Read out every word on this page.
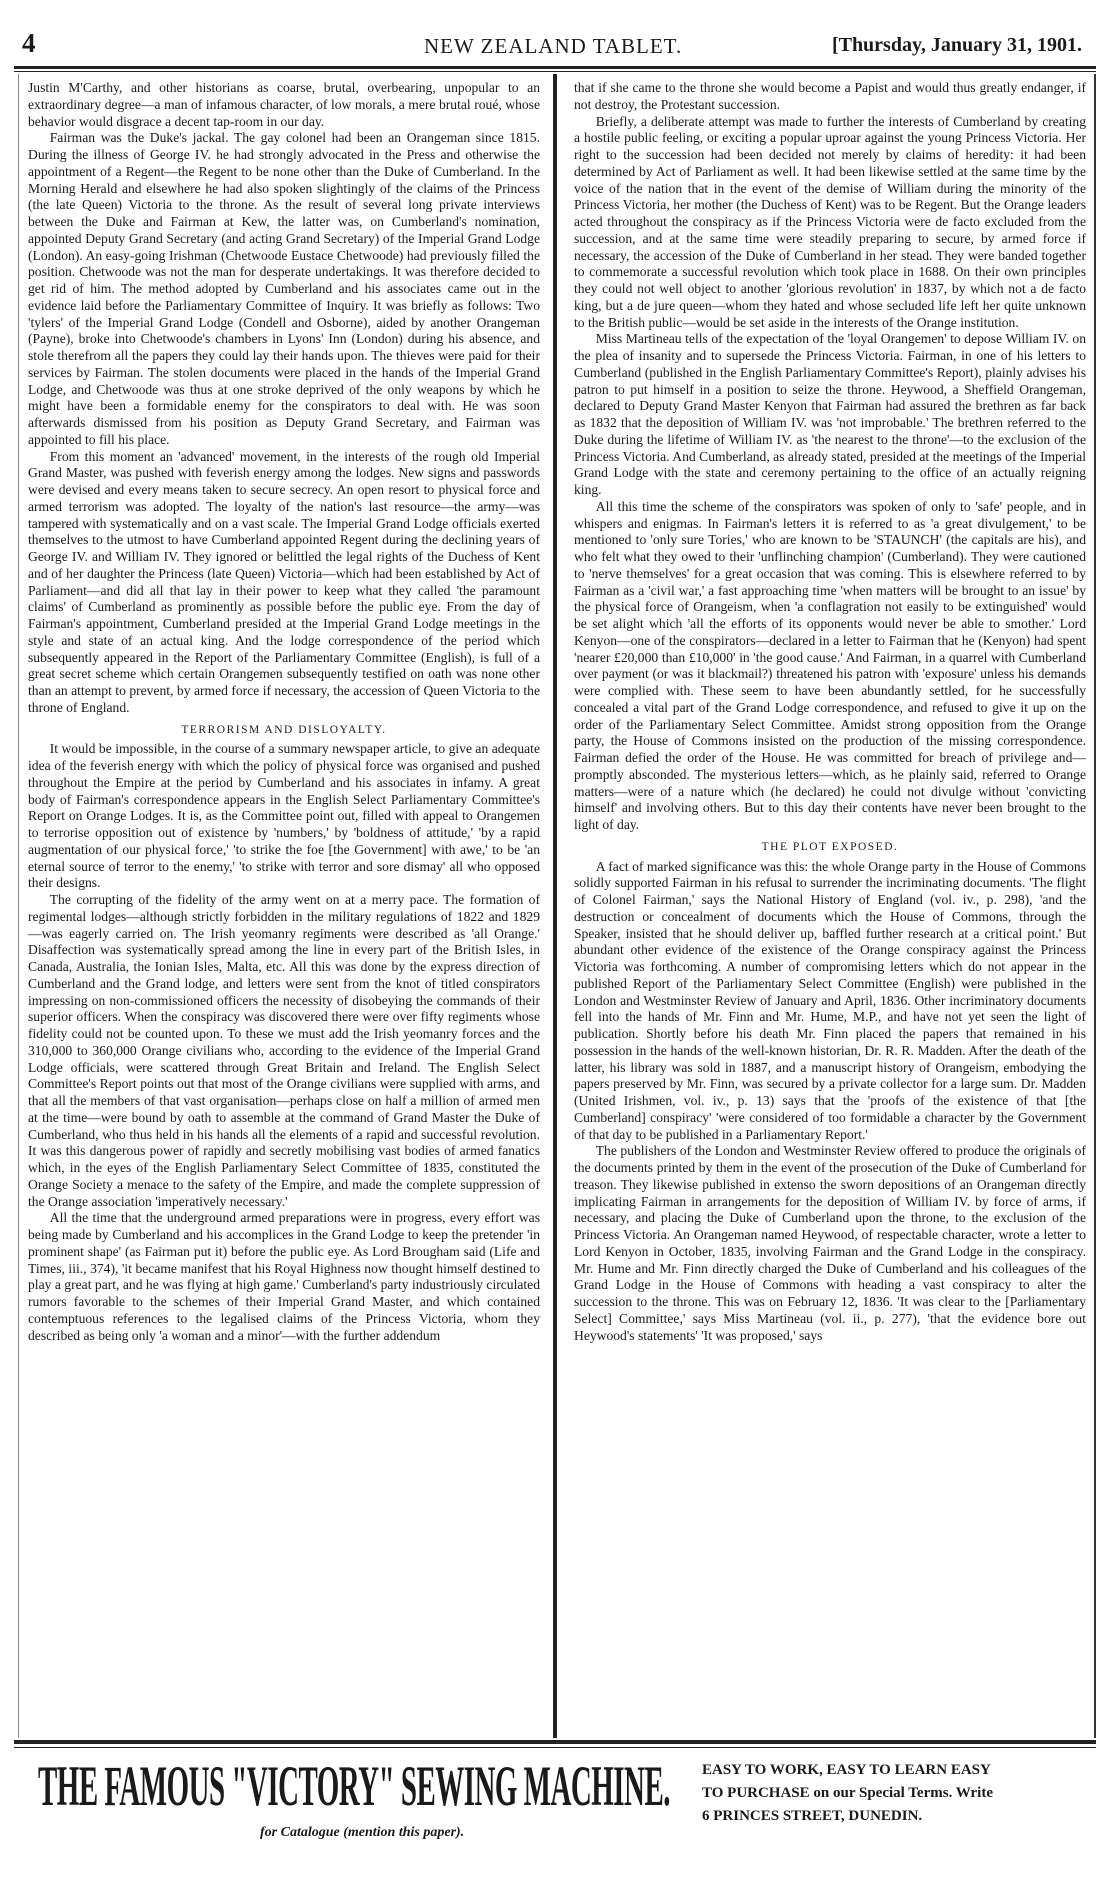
4	NEW ZEALAND TABLET.	[Thursday, January 31, 1901.

Justin M'Carthy, and other historians as coarse, brutal, overbearing, unpopular to an extraordinary degree—a man of infamous character, of low morals, a mere brutal roué, whose behavior would disgrace a decent tap-room in our day.

Fairman was the Duke's jackal. The gay colonel had been an Orangeman since 1815. During the illness of George IV. he had strongly advocated in the Press and otherwise the appointment of a Regent—the Regent to be none other than the Duke of Cumberland. In the Morning Herald and elsewhere he had also spoken slightingly of the claims of the Princess (the late Queen) Victoria to the throne. As the result of several long private interviews between the Duke and Fairman at Kew, the latter was, on Cumberland's nomination, appointed Deputy Grand Secretary (and acting Grand Secretary) of the Imperial Grand Lodge (London). An easy-going Irishman (Chetwoode Eustace Chetwoode) had previously filled the position. Chetwoode was not the man for desperate undertakings. It was therefore decided to get rid of him. The method adopted by Cumberland and his associates came out in the evidence laid before the Parliamentary Committee of Inquiry. It was briefly as follows: Two 'tylers' of the Imperial Grand Lodge (Condell and Osborne), aided by another Orangeman (Payne), broke into Chetwoode's chambers in Lyons' Inn (London) during his absence, and stole therefrom all the papers they could lay their hands upon. The thieves were paid for their services by Fairman. The stolen documents were placed in the hands of the Imperial Grand Lodge, and Chetwoode was thus at one stroke deprived of the only weapons by which he might have been a formidable enemy for the conspirators to deal with. He was soon afterwards dismissed from his position as Deputy Grand Secretary, and Fairman was appointed to fill his place.

From this moment an 'advanced' movement, in the interests of the rough old Imperial Grand Master, was pushed with feverish energy among the lodges. New signs and passwords were devised and every means taken to secure secrecy. An open resort to physical force and armed terrorism was adopted. The loyalty of the nation's last resource—the army—was tampered with systematically and on a vast scale. The Imperial Grand Lodge officials exerted themselves to the utmost to have Cumberland appointed Regent during the declining years of George IV. and William IV. They ignored or belittled the legal rights of the Duchess of Kent and of her daughter the Princess (late Queen) Victoria—which had been established by Act of Parliament—and did all that lay in their power to keep what they called 'the paramount claims' of Cumberland as prominently as possible before the public eye. From the day of Fairman's appointment, Cumberland presided at the Imperial Grand Lodge meetings in the style and state of an actual king. And the lodge correspondence of the period which subsequently appeared in the Report of the Parliamentary Committee (English), is full of a great secret scheme which certain Orangemen subsequently testified on oath was none other than an attempt to prevent, by armed force if necessary, the accession of Queen Victoria to the throne of England.

TERRORISM AND DISLOYALTY.

It would be impossible, in the course of a summary newspaper article, to give an adequate idea of the feverish energy with which the policy of physical force was organised and pushed throughout the Empire at the period by Cumberland and his associates in infamy. A great body of Fairman's correspondence appears in the English Select Parliamentary Committee's Report on Orange Lodges. It is, as the Committee point out, filled with appeal to Orangemen to terrorise opposition out of existence by 'numbers,' by 'boldness of attitude,' 'by a rapid augmentation of our physical force,' 'to strike the foe [the Government] with awe,' to be 'an eternal source of terror to the enemy,' 'to strike with terror and sore dismay' all who opposed their designs.

The corrupting of the fidelity of the army went on at a merry pace. The formation of regimental lodges—although strictly forbidden in the military regulations of 1822 and 1829—was eagerly carried on. The Irish yeomanry regiments were described as 'all Orange.' Disaffection was systematically spread among the line in every part of the British Isles, in Canada, Australia, the Ionian Isles, Malta, etc. All this was done by the express direction of Cumberland and the Grand lodge, and letters were sent from the knot of titled conspirators impressing on non-commissioned officers the necessity of disobeying the commands of their superior officers. When the conspiracy was discovered there were over fifty regiments whose fidelity could not be counted upon. To these we must add the Irish yeomanry forces and the 310,000 to 360,000 Orange civilians who, according to the evidence of the Imperial Grand Lodge officials, were scattered through Great Britain and Ireland. The English Select Committee's Report points out that most of the Orange civilians were supplied with arms, and that all the members of that vast organisation—perhaps close on half a million of armed men at the time—were bound by oath to assemble at the command of Grand Master the Duke of Cumberland, who thus held in his hands all the elements of a rapid and successful revolution. It was this dangerous power of rapidly and secretly mobilising vast bodies of armed fanatics which, in the eyes of the English Parliamentary Select Committee of 1835, constituted the Orange Society a menace to the safety of the Empire, and made the complete suppression of the Orange association 'imperatively necessary.'

All the time that the underground armed preparations were in progress, every effort was being made by Cumberland and his accomplices in the Grand Lodge to keep the pretender 'in prominent shape' (as Fairman put it) before the public eye. As Lord Brougham said (Life and Times, iii., 374), 'it became manifest that his Royal Highness now thought himself destined to play a great part, and he was flying at high game.' Cumberland's party industriously circulated rumors favorable to the schemes of their Imperial Grand Master, and which contained contemptuous references to the legalised claims of the Princess Victoria, whom they described as being only 'a woman and a minor'—with the further addendum

that if she came to the throne she would become a Papist and would thus greatly endanger, if not destroy, the Protestant succession.

Briefly, a deliberate attempt was made to further the interests of Cumberland by creating a hostile public feeling, or exciting a popular uproar against the young Princess Victoria. Her right to the succession had been decided not merely by claims of heredity: it had been determined by Act of Parliament as well. It had been likewise settled at the same time by the voice of the nation that in the event of the demise of William during the minority of the Princess Victoria, her mother (the Duchess of Kent) was to be Regent. But the Orange leaders acted throughout the conspiracy as if the Princess Victoria were de facto excluded from the succession, and at the same time were steadily preparing to secure, by armed force if necessary, the accession of the Duke of Cumberland in her stead. They were banded together to commemorate a successful revolution which took place in 1688. On their own principles they could not well object to another 'glorious revolution' in 1837, by which not a de facto king, but a de jure queen—whom they hated and whose secluded life left her quite unknown to the British public—would be set aside in the interests of the Orange institution.

Miss Martineau tells of the expectation of the 'loyal Orangemen' to depose William IV. on the plea of insanity and to supersede the Princess Victoria. Fairman, in one of his letters to Cumberland (published in the English Parliamentary Committee's Report), plainly advises his patron to put himself in a position to seize the throne. Heywood, a Sheffield Orangeman, declared to Deputy Grand Master Kenyon that Fairman had assured the brethren as far back as 1832 that the deposition of William IV. was 'not improbable.' The brethren referred to the Duke during the lifetime of William IV. as 'the nearest to the throne'—to the exclusion of the Princess Victoria. And Cumberland, as already stated, presided at the meetings of the Imperial Grand Lodge with the state and ceremony pertaining to the office of an actually reigning king.

All this time the scheme of the conspirators was spoken of only to 'safe' people, and in whispers and enigmas. In Fairman's letters it is referred to as 'a great divulgement,' to be mentioned to 'only sure Tories,' who are known to be 'STAUNCH' (the capitals are his), and who felt what they owed to their 'unflinching champion' (Cumberland). They were cautioned to 'nerve themselves' for a great occasion that was coming. This is elsewhere referred to by Fairman as a 'civil war,' a fast approaching time 'when matters will be brought to an issue' by the physical force of Orangeism, when 'a conflagration not easily to be extinguished' would be set alight which 'all the efforts of its opponents would never be able to smother.' Lord Kenyon—one of the conspirators—declared in a letter to Fairman that he (Kenyon) had spent 'nearer £20,000 than £10,000' in 'the good cause.' And Fairman, in a quarrel with Cumberland over payment (or was it blackmail?) threatened his patron with 'exposure' unless his demands were complied with. These seem to have been abundantly settled, for he successfully concealed a vital part of the Grand Lodge correspondence, and refused to give it up on the order of the Parliamentary Select Committee. Amidst strong opposition from the Orange party, the House of Commons insisted on the production of the missing correspondence. Fairman defied the order of the House. He was committed for breach of privilege and—promptly absconded. The mysterious letters—which, as he plainly said, referred to Orange matters—were of a nature which (he declared) he could not divulge without 'convicting himself' and involving others. But to this day their contents have never been brought to the light of day.

THE PLOT EXPOSED.

A fact of marked significance was this: the whole Orange party in the House of Commons solidly supported Fairman in his refusal to surrender the incriminating documents. 'The flight of Colonel Fairman,' says the National History of England (vol. iv., p. 298), 'and the destruction or concealment of documents which the House of Commons, through the Speaker, insisted that he should deliver up, baffled further research at a critical point.' But abundant other evidence of the existence of the Orange conspiracy against the Princess Victoria was forthcoming. A number of compromising letters which do not appear in the published Report of the Parliamentary Select Committee (English) were published in the London and Westminster Review of January and April, 1836. Other incriminatory documents fell into the hands of Mr. Finn and Mr. Hume, M.P., and have not yet seen the light of publication. Shortly before his death Mr. Finn placed the papers that remained in his possession in the hands of the well-known historian, Dr. R. R. Madden. After the death of the latter, his library was sold in 1887, and a manuscript history of Orangeism, embodying the papers preserved by Mr. Finn, was secured by a private collector for a large sum. Dr. Madden (United Irishmen, vol. iv., p. 13) says that the 'proofs of the existence of that [the Cumberland] conspiracy' 'were considered of too formidable a character by the Government of that day to be published in a Parliamentary Report.'

The publishers of the London and Westminster Review offered to produce the originals of the documents printed by them in the event of the prosecution of the Duke of Cumberland for treason. They likewise published in extenso the sworn depositions of an Orangeman directly implicating Fairman in arrangements for the deposition of William IV. by force of arms, if necessary, and placing the Duke of Cumberland upon the throne, to the exclusion of the Princess Victoria. An Orangeman named Heywood, of respectable character, wrote a letter to Lord Kenyon in October, 1835, involving Fairman and the Grand Lodge in the conspiracy. Mr. Hume and Mr. Finn directly charged the Duke of Cumberland and his colleagues of the Grand Lodge in the House of Commons with heading a vast conspiracy to alter the succession to the throne. This was on February 12, 1836. 'It was clear to the [Parliamentary Select] Committee,' says Miss Martineau (vol. ii., p. 277), 'that the evidence bore out Heywood's statements' 'It was proposed,' says

THE FAMOUS "VICTORY" SEWING MACHINE.
for Catalogue (mention this paper).
EASY TO WORK, EASY TO LEARN EASY
TO PURCHASE on our Special Terms. Write
6 PRINCES STREET, DUNEDIN.
